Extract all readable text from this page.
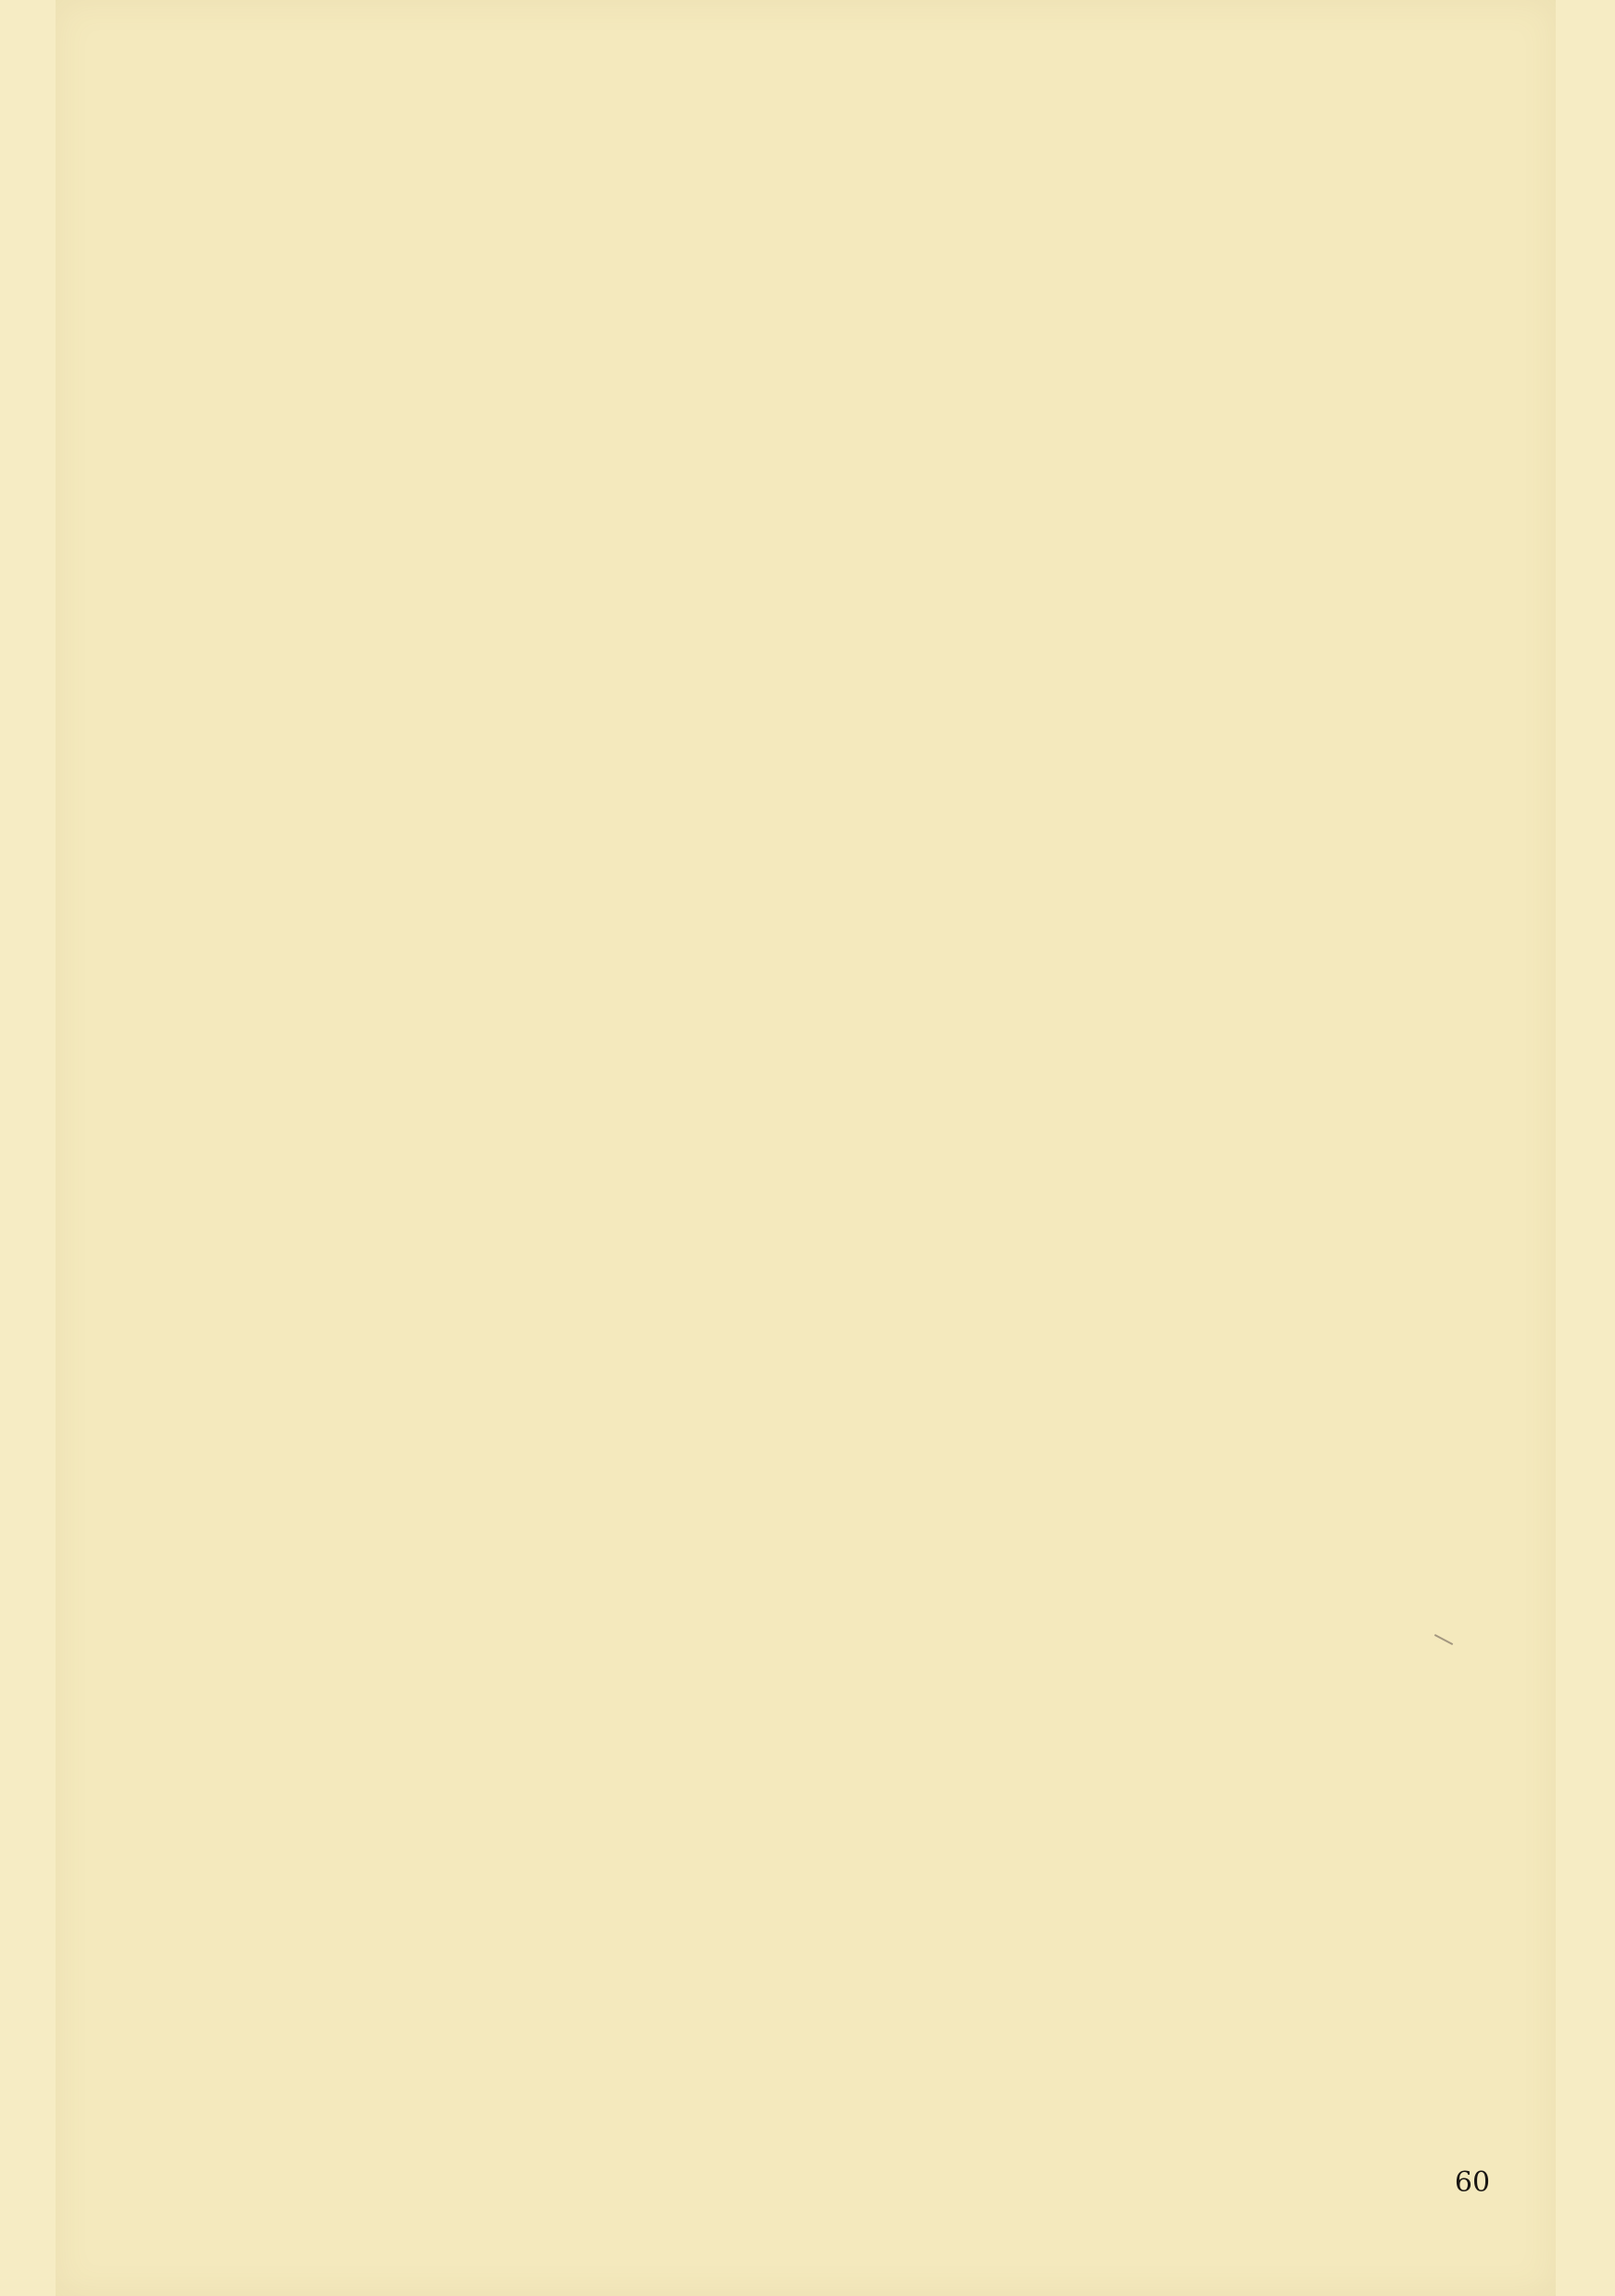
60
